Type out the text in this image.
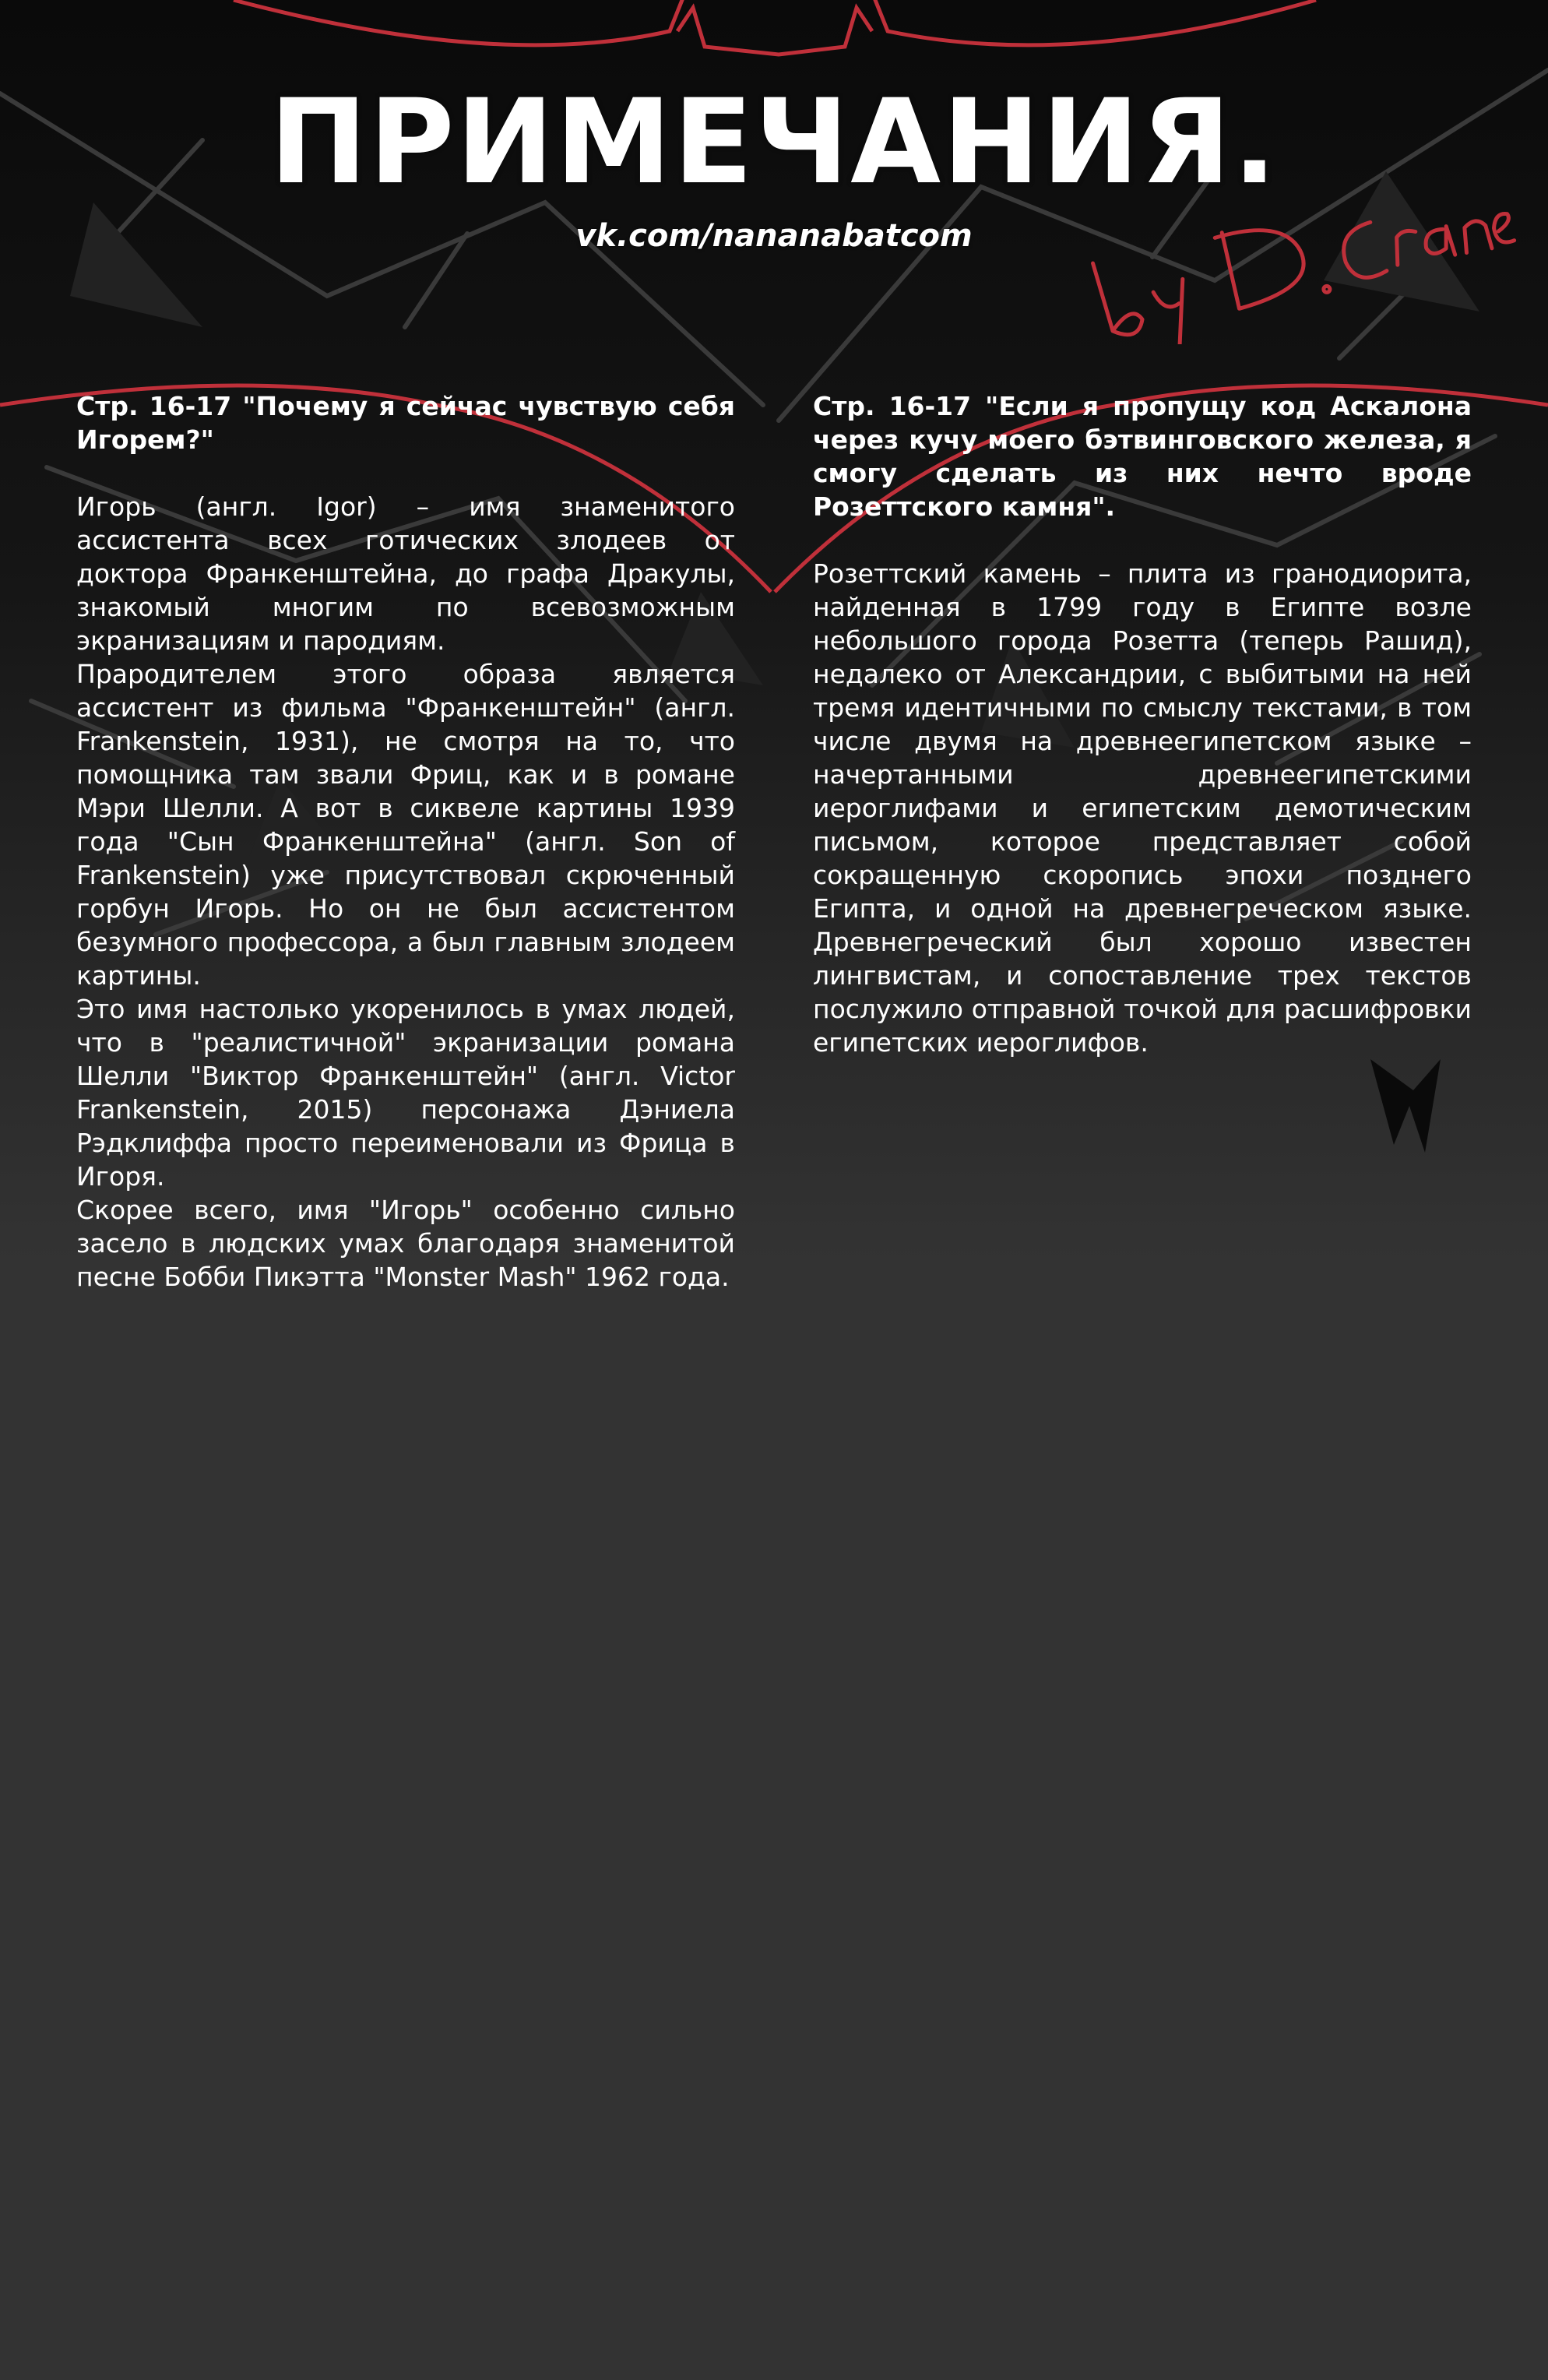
ПРИМЕЧАНИЯ.
vk.com/nananabatcom
Стр. 16-17 "Почему я сейчас чувствую себя Игорем?"

Игорь (англ. Igor) – имя знаменитого ассистента всех готических злодеев от доктора Франкенштейна, до графа Дракулы, знакомый многим по всевозможным экранизациям и пародиям.

Прародителем этого образа является ассистент из фильма "Франкенштейн" (англ. Frankenstein, 1931), не смотря на то, что помощника там звали Фриц, как и в романе Мэри Шелли. А вот в сиквеле картины 1939 года "Сын Франкенштейна" (англ. Son of Frankenstein) уже присутствовал скрюченный горбун Игорь. Но он не был ассистентом безумного профессора, а был главным злодеем картины.

Это имя настолько укоренилось в умах людей, что в "реалистичной" экранизации романа Шелли "Виктор Франкенштейн" (англ. Victor Frankenstein, 2015) персонажа Дэниела Рэдклиффа просто переименовали из Фрица в Игоря.

Скорее всего, имя "Игорь" особенно сильно засело в людских умах благодаря знаменитой песне Бобби Пикэтта "Monster Mash" 1962 года.

Стр. 16-17 "Если я пропущу код Аскалона через кучу моего бэтвинговского железа, я смогу сделать из них нечто вроде Розеттского камня".

Розеттский камень – плита из гранодиорита, найденная в 1799 году в Египте возле небольшого города Розетта (теперь Рашид), недалеко от Александрии, с выбитыми на ней тремя идентичными по смыслу текстами, в том числе двумя на древнеегипетском языке – начертанными древнеегипетскими иероглифами и египетским демотическим письмом, которое представляет собой сокращенную скоропись эпохи позднего Египта, и одной на древнегреческом языке. Древнегреческий был хорошо известен лингвистам, и сопоставление трех текстов послужило отправной точкой для расшифровки египетских иероглифов.
